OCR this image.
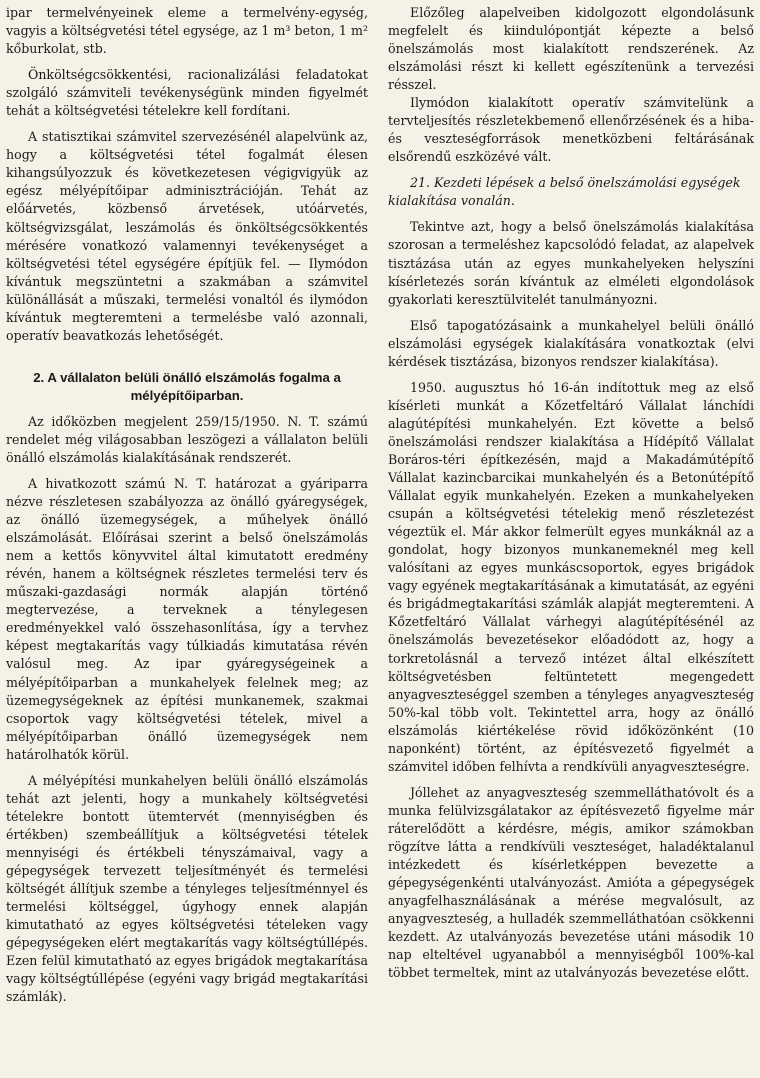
ipar termelvényeinek eleme a termelvény-egység, vagyis a költségvetési tétel egysége, az 1 m³ beton, 1 m² kőburkolat, stb.

Önköltségcsökkentési, racionalizálási feladatokat szolgáló számviteli tevékenységünk minden figyelmét tehát a költségvetési tételekre kell fordítani.

A statisztikai számvitel szervezésénél alapelvünk az, hogy a költségvetési tétel fogalmát élesen kihangsúlyozzuk és következetesen végigvigyük az egész mélyépítőipar adminisztrációján. Tehát az előárvetés, közbenső árvetések, utóárvetés, költségvizsgálat, leszámolás és önköltségcsökkentés mérésére vonatkozó valamennyi tevékenységet a költségvetési tétel egységére építjük fel. — Ilymódon kívántuk megszüntetni a szakmában a számvitel különállását a műszaki, termelési vonaltól és ilymódon kívántuk megteremteni a termelésbe való azonnali, operatív beavatkozás lehetőségét.

2. A vállalaton belüli önálló elszámolás fogalma a mélyépítőiparban.

Az időközben megjelent 259/15/1950. N. T. számú rendelet még világosabban leszögezi a vállalaton belüli önálló elszámolás kialakításának rendszerét.

A hivatkozott számú N. T. határozat a gyáriparra nézve részletesen szabályozza az önálló gyáregységek, az önálló üzemegységek, a műhelyek önálló elszámolását. Előírásai szerint a belső önelszámolás nem a kettős könyvvitel által kimutatott eredmény révén, hanem a költségnek részletes termelési terv és műszaki-gazdasági normák alapján történő megtervezése, a terveknek a ténylegesen eredményekkel való összehasonlítása, így a tervhez képest megtakarítás vagy túlkiadás kimutatása révén valósul meg. Az ipar gyáregységeinek a mélyépítőiparban a munkahelyek felelnek meg; az üzemegységeknek az építési munkanemek, szakmai csoportok vagy költségvetési tételek, mivel a mélyépítőiparban önálló üzemegységek nem határolhatók körül.

A mélyépítési munkahelyen belüli önálló elszámolás tehát azt jelenti, hogy a munkahely költségvetési tételekre bontott ütemtervét (mennyiségben és értékben) szembeállítjuk a költségvetési tételek mennyiségi és értékbeli tényszámaival, vagy a gépegységek tervezett teljesítményét és termelési költségét állítjuk szembe a tényleges teljesítménnyel és termelési költséggel, úgyhogy ennek alapján kimutatható az egyes költségvetési tételeken vagy gépegységeken elért megtakarítás vagy költségtúllépés. Ezen felül kimutatható az egyes brigádok megtakarítása vagy költségtúllépése (egyéni vagy brigád megtakarítási számlák).

Előzőleg alapelveiben kidolgozott elgondolásunk megfelelt és kiindulópontját képezte a belső önelszámolás most kialakított rendszerének. Az elszámolási részt ki kellett egészítenünk a tervezési résszel.

Ilymódon kialakított operatív számvitelünk a tervteljesítés részletekbemenő ellenőrzésének és a hiba- és veszteségforrások menetközbeni feltárásának elsőrendű eszközévé vált.

21. Kezdeti lépések a belső önelszámolási egységek kialakítása vonalán.

Tekintve azt, hogy a belső önelszámolás kialakítása szorosan a termeléshez kapcsolódó feladat, az alapelvek tisztázása után az egyes munkahelyeken helyszíni kísérletezés során kívántuk az elméleti elgondolások gyakorlati keresztülvitelét tanulmányozni.

Első tapogatózásaink a munkahelyel belüli önálló elszámolási egységek kialakítására vonatkoztak (elvi kérdések tisztázása, bizonyos rendszer kialakítása).

1950. augusztus hó 16-án indítottuk meg az első kísérleti munkát a Kőzetfeltáró Vállalat lánchídi alagútépítési munkahelyén. Ezt követte a belső önelszámolási rendszer kialakítása a Hídépítő Vállalat Boráros-téri építkezésén, majd a Makadámútépítő Vállalat kazincbarcikai munkahelyén és a Betonútépítő Vállalat egyik munkahelyén. Ezeken a munkahelyeken csupán a költségvetési tételekig menő részletezést végeztük el. Már akkor felmerült egyes munkáknál az a gondolat, hogy bizonyos munkanemeknél meg kell valósítani az egyes munkáscsoportok, egyes brigádok vagy egyének megtakarításának a kimutatását, az egyéni és brigádmegtakarítási számlák alapját megteremteni. A Kőzetfeltáró Vállalat várhegyi alagútépítésénél az önelszámolás bevezetésekor előadódott az, hogy a torkretolásnál a tervező intézet által elkészített költségvetésben feltüntetett megengedett anyagveszteséggel szemben a tényleges anyagveszteség 50%-kal több volt. Tekintettel arra, hogy az önálló elszámolás kiértékelése rövid időközönként (10 naponként) történt, az építésvezető figyelmét a számvitel időben felhívta a rendkívüli anyagveszteségre.

Jóllehet az anyagveszteség szemmelláthatóvolt és a munka felülvizsgálatakor az építésvezető figyelme már ráterelődött a kérdésre, mégis, amikor számokban rögzítve látta a rendkívüli veszteséget, haladéktalanul intézkedett és kísérletképpen bevezette a gépegységenkénti utalványozást. Amióta a gépegységek anyagfelhasználásának a mérése megvalósult, az anyagveszteség, a hulladék szemmelláthatóan csökkenni kezdett. Az utalványozás bevezetése utáni második 10 nap elteltével ugyanabból a mennyiségből 100%-kal többet termeltek, mint az utalványozás bevezetése előtt.
